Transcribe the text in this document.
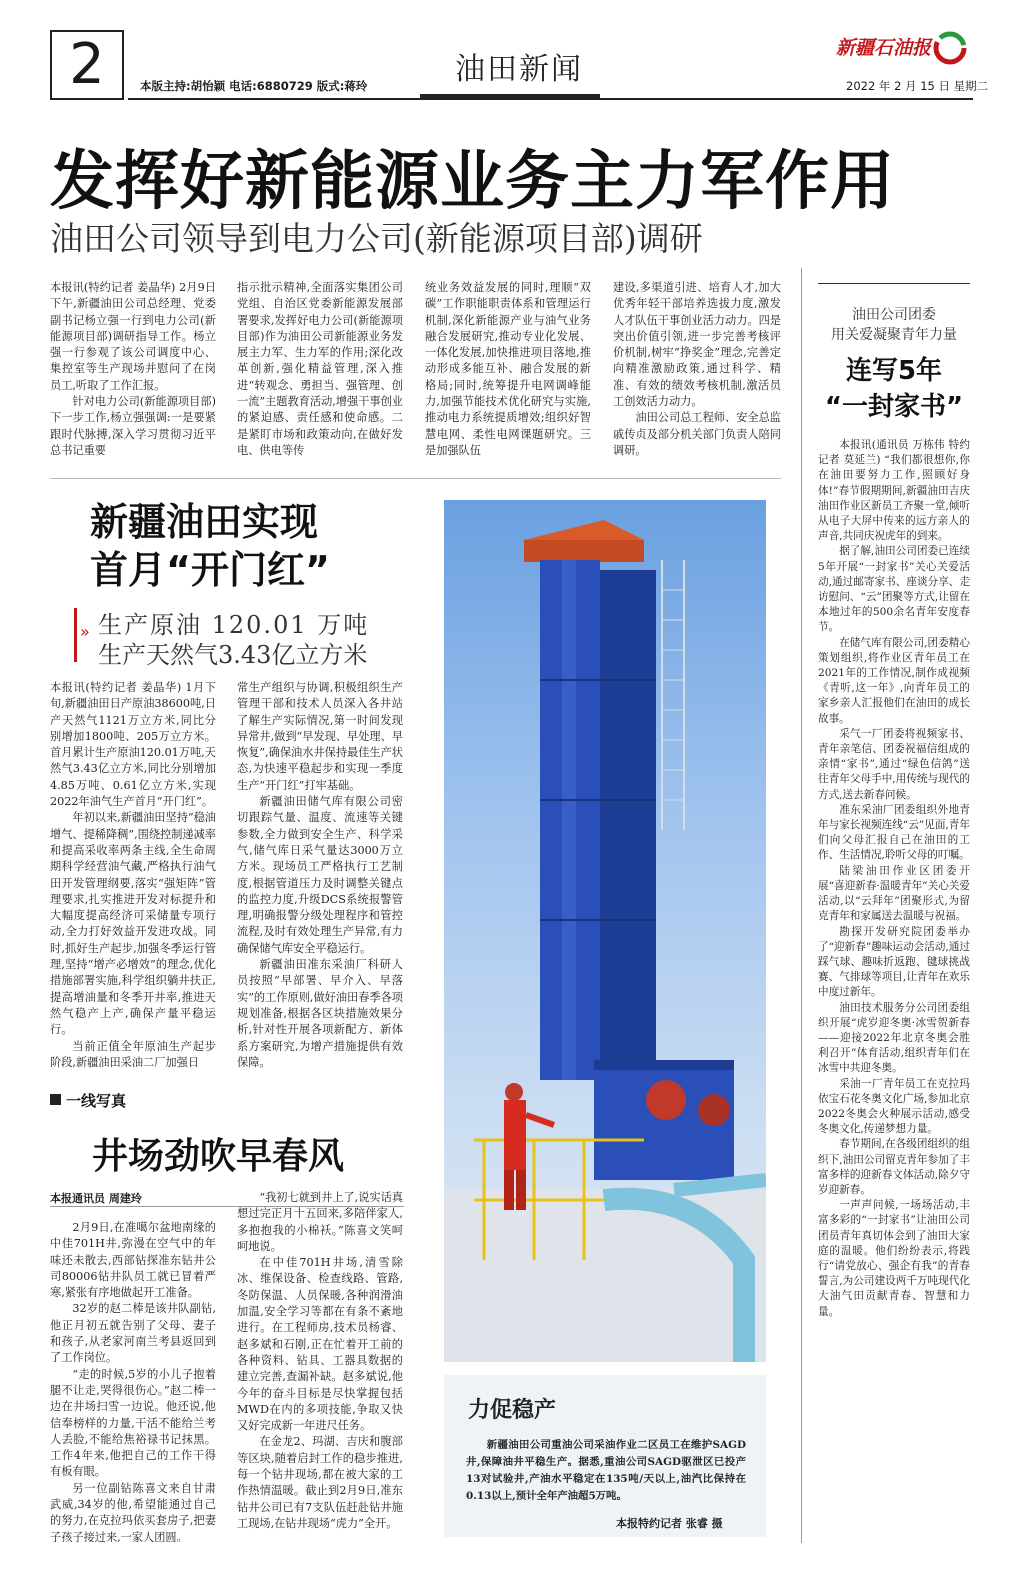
2	本版主持:胡怡颖 电话:6880729 版式:蒋玲	油田新闻
新疆石油报
2022 年 2 月 15 日 星期二
发挥好新能源业务主力军作用
油田公司领导到电力公司(新能源项目部)调研

本报讯(特约记者 姜晶华) 2月9日下午,新疆油田公司总经理、党委副书记杨立强一行到电力公司(新能源项目部)调研指导工作。杨立强一行参观了该公司调度中心、集控室等生产现场并慰问了在岗员工,听取了工作汇报。

针对电力公司(新能源项目部)下一步工作,杨立强强调:一是要紧跟时代脉搏,深入学习贯彻习近平总书记重要

指示批示精神,全面落实集团公司党组、自治区党委新能源发展部署要求,发挥好电力公司(新能源项目部)作为油田公司新能源业务发展主力军、生力军的作用;深化改革创新,强化精益管理,深入推进“转观念、勇担当、强管理、创一流”主题教育活动,增强干事创业的紧迫感、责任感和使命感。二是紧盯市场和政策动向,在做好发电、供电等传

统业务效益发展的同时,理顺“双碳”工作职能职责体系和管理运行机制,深化新能源产业与油气业务融合发展研究,推动专业化发展、一体化发展,加快推进项目落地,推动形成多能互补、融合发展的新格局;同时,统筹提升电网调峰能力,加强节能技术优化研究与实施,推动电力系统提质增效;组织好智慧电网、柔性电网课题研究。三是加强队伍

建设,多渠道引进、培育人才,加大优秀年轻干部培养选拔力度,激发人才队伍干事创业活力动力。四是突出价值引领,进一步完善考核评价机制,树牢“挣奖金”理念,完善定向精准激励政策,通过科学、精准、有效的绩效考核机制,激活员工创效活力动力。

油田公司总工程师、安全总监戚传贞及部分机关部门负责人陪同调研。

新疆油田实现
首月“开门红”
» 生产原油 120.01 万吨
生产天然气3.43亿立方米

本报讯(特约记者 姜晶华) 1月下旬,新疆油田日产原油38600吨,日产天然气1121万立方米,同比分别增加1800吨、205万立方米。首月累计生产原油120.01万吨,天然气3.43亿立方米,同比分别增加4.85万吨、0.61亿立方米,实现2022年油气生产首月“开门红”。

年初以来,新疆油田坚持“稳油增气、提稀降稠”,围绕控制递减率和提高采收率两条主线,全生命周期科学经营油气藏,严格执行油气田开发管理纲要,落实“强矩阵”管理要求,扎实推进开发对标提升和大幅度提高经济可采储量专项行动,全力打好效益开发进攻战。同时,抓好生产起步,加强冬季运行管理,坚持“增产必增效”的理念,优化措施部署实施,科学组织躺井扶正,提高增油量和冬季开井率,推进天然气稳产上产,确保产量平稳运行。

当前正值全年原油生产起步阶段,新疆油田采油二厂加强日

常生产组织与协调,积极组织生产管理干部和技术人员深入各井站了解生产实际情况,第一时间发现异常井,做到“早发现、早处理、早恢复”,确保油水井保持最佳生产状态,为快速平稳起步和实现一季度生产“开门红”打牢基础。

新疆油田储气库有限公司密切跟踪气量、温度、流速等关键参数,全力做到安全生产、科学采气,储气库日采气量达3000万立方米。现场员工严格执行工艺制度,根据管道压力及时调整关键点的监控力度,升级DCS系统报警管理,明确报警分级处理程序和管控流程,及时有效处理生产异常,有力确保储气库安全平稳运行。

新疆油田准东采油厂科研人员按照“早部署、早介入、早落实”的工作原则,做好油田春季各项规划准备,根据各区块措施效果分析,针对性开展各项新配方、新体系方案研究,为增产措施提供有效保障。

一线写真
井场劲吹早春风
本报通讯员 周建玲

2月9日,在准噶尔盆地南缘的中佳701H井,弥漫在空气中的年味还未散去,西部钻探准东钻井公司80006钻井队员工就已冒着严寒,紧张有序地做起开工准备。

32岁的赵二棒是该井队副钻,他正月初五就告别了父母、妻子和孩子,从老家河南兰考县返回到了工作岗位。

“走的时候,5岁的小儿子抱着腿不让走,哭得很伤心。”赵二棒一边在井场扫雪一边说。他还说,他信奉榜样的力量,干活不能给兰考人丢脸,不能给焦裕禄书记抹黑。工作4年来,他把自己的工作干得有板有眼。

另一位副钻陈喜文来自甘肃武威,34岁的他,希望能通过自己的努力,在克拉玛依买套房子,把妻子孩子接过来,一家人团圆。

“我初七就到井上了,说实话真想过完正月十五回来,多陪伴家人,多抱抱我的小棉袄。”陈喜文笑呵呵地说。

在中佳701H井场,清雪除冰、维保设备、检查线路、管路,冬防保温、人员保暖,各种润滑油加温,安全学习等都在有条不紊地进行。在工程师房,技术员杨睿、赵多斌和石刚,正在忙着开工前的各种资料、钻具、工器具数据的建立完善,查漏补缺。赵多斌说,他今年的奋斗目标是尽快掌握包括MWD在内的多项技能,争取又快又好完成新一年进尺任务。

在金龙2、玛湖、吉庆和腹部等区块,随着启封工作的稳步推进,每一个钻井现场,都在被大家的工作热情温暖。截止到2月9日,准东钻井公司已有7支队伍赶赴钻井施工现场,在钻井现场“虎力”全开。

力促稳产
新疆油田公司重油公司采油作业二区员工在维护SAGD井,保障油井平稳生产。据悉,重油公司SAGD驱泄区已投产13对试验井,产油水平稳定在135吨/天以上,油汽比保持在0.13以上,预计全年产油超5万吨。
本报特约记者 张睿 摄
油田公司团委
用关爱凝聚青年力量
连写5年
“一封家书”

本报讯(通讯员 万栋伟 特约记者 莫延兰) “我们都很想你,你在油田要努力工作,照顾好身体!”春节假期期间,新疆油田吉庆油田作业区新员工齐聚一堂,倾听从电子大屏中传来的远方亲人的声音,共同庆祝虎年的到来。

据了解,油田公司团委已连续5年开展“一封家书”关心关爱活动,通过邮寄家书、座谈分享、走访慰问、“云”团聚等方式,让留在本地过年的500余名青年安度春节。

在储气库有限公司,团委精心策划组织,将作业区青年员工在2021年的工作情况,制作成视频《青听,这一年》,向青年员工的家乡亲人汇报他们在油田的成长故事。

采气一厂团委将视频家书、青年亲笔信、团委祝福信组成的亲情“家书”,通过“绿色信鸽”送往青年父母手中,用传统与现代的方式,送去新春问候。

准东采油厂团委组织外地青年与家长视频连线“云”见面,青年们向父母汇报自己在油田的工作、生活情况,聆听父母的叮嘱。

陆梁油田作业区团委开展“喜迎新春·温暖青年”关心关爱活动,以“云拜年”团聚形式,为留克青年和家属送去温暖与祝福。

勘探开发研究院团委举办了“迎新春”趣味运动会活动,通过踩气球、趣味折返跑、毽球挑战赛、气排球等项目,让青年在欢乐中度过新年。

油田技术服务分公司团委组织开展“虎岁迎冬奥·冰雪贺新春——迎接2022年北京冬奥会胜利召开”体育活动,组织青年们在冰雪中共迎冬奥。

采油一厂青年员工在克拉玛依宝石花冬奥文化广场,参加北京2022冬奥会火种展示活动,感受冬奥文化,传递梦想力量。

春节期间,在各级团组织的组织下,油田公司留克青年参加了丰富多样的迎新春文体活动,除夕守岁迎新春。

一声声问候,一场场活动,丰富多彩的“一封家书”让油田公司团员青年真切体会到了油田大家庭的温暖。他们纷纷表示,将践行“请党放心、强企有我”的青春誓言,为公司建设两千万吨现代化大油气田贡献青春、智慧和力量。
